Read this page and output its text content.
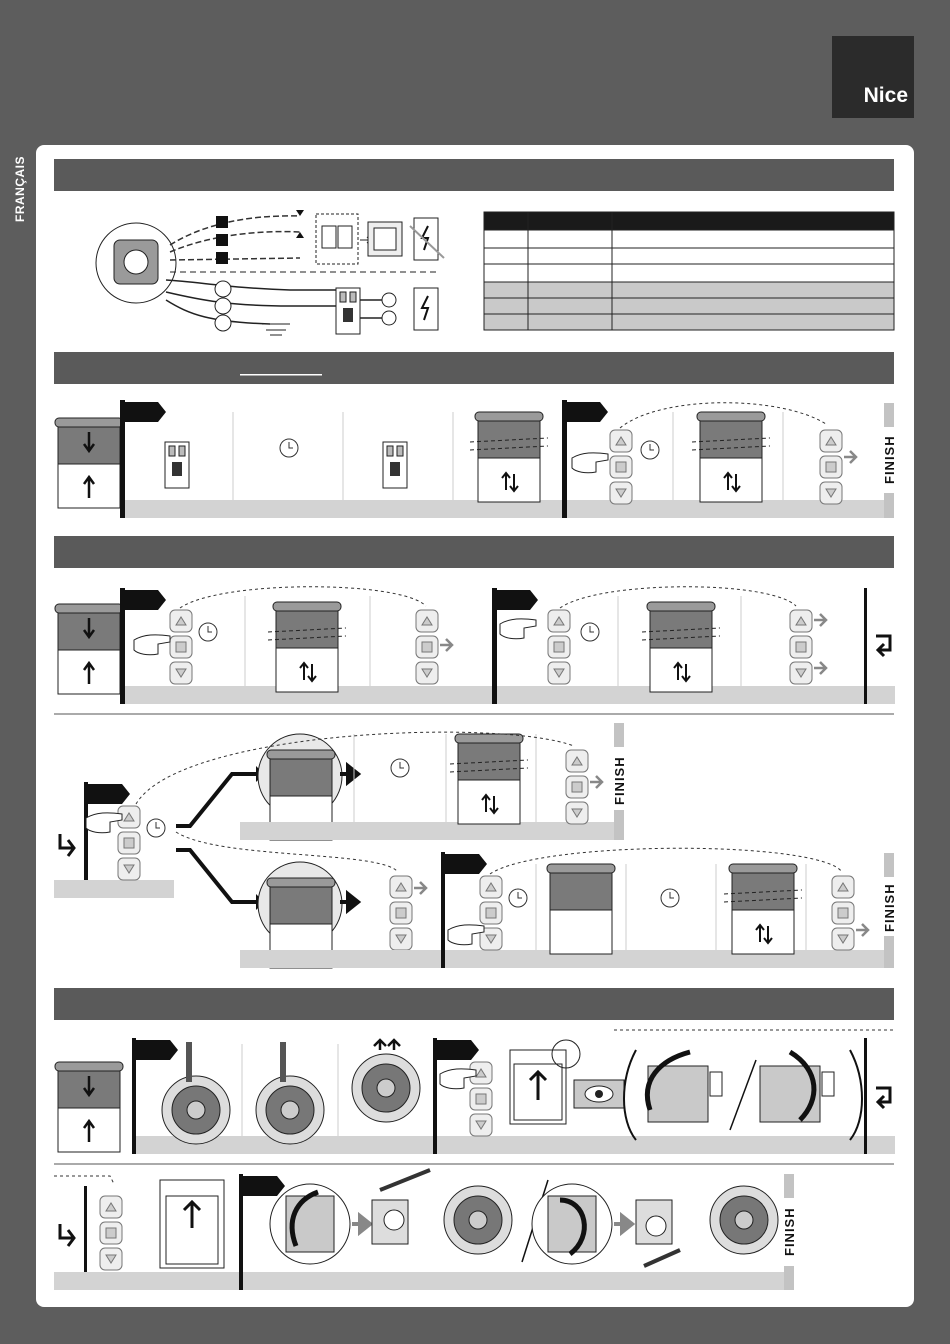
Nice
FRANÇAIS
FINISH
FINISH
FINISH
FINISH
